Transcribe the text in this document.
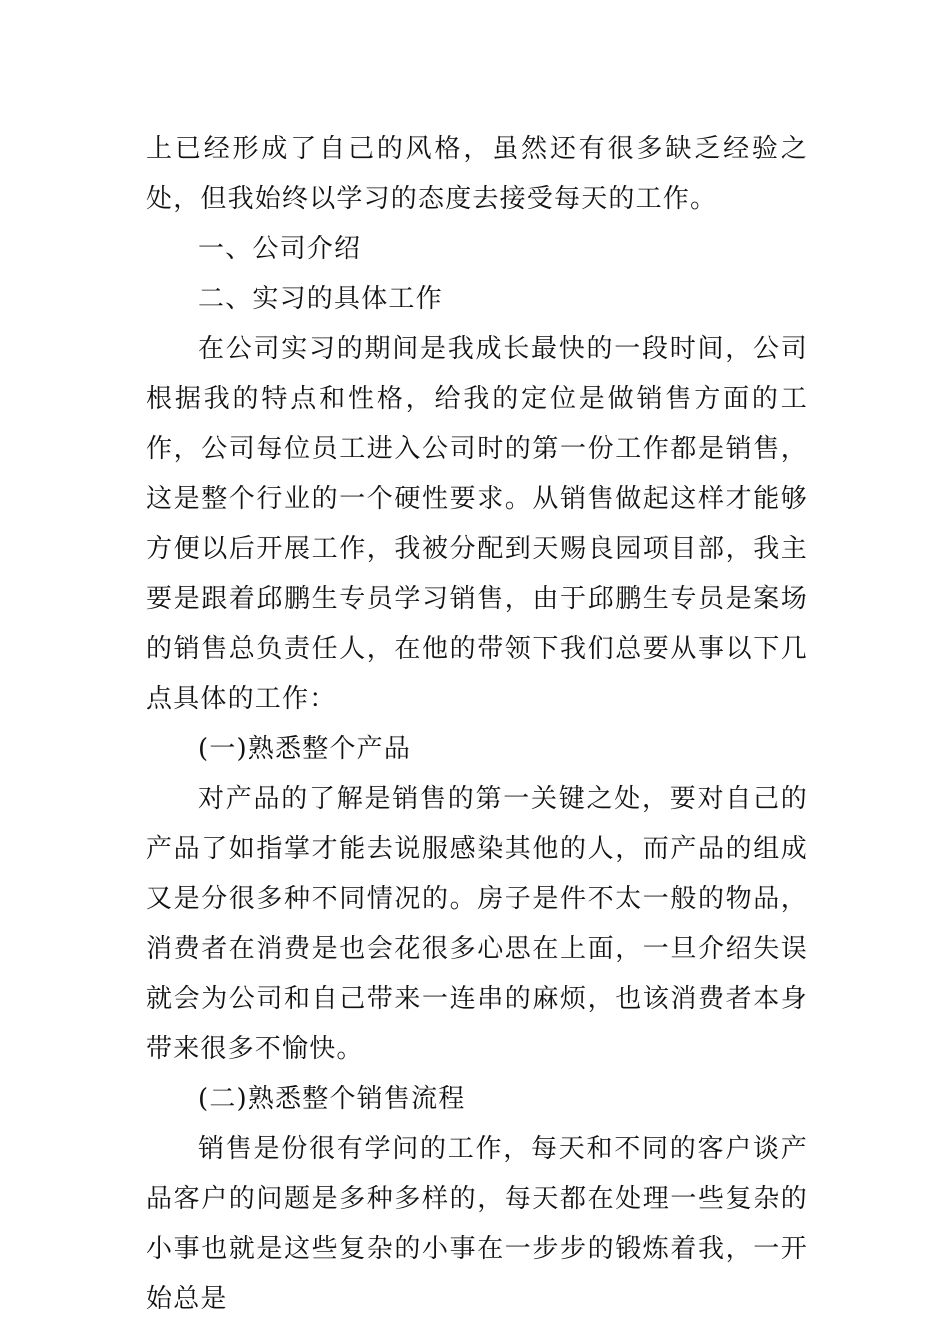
上已经形成了自己的风格，虽然还有很多缺乏经验之处，但我始终以学习的态度去接受每天的工作。

一、公司介绍

二、实习的具体工作

在公司实习的期间是我成长最快的一段时间，公司根据我的特点和性格，给我的定位是做销售方面的工作，公司每位员工进入公司时的第一份工作都是销售，这是整个行业的一个硬性要求。从销售做起这样才能够方便以后开展工作，我被分配到天赐良园项目部，我主要是跟着邱鹏生专员学习销售，由于邱鹏生专员是案场的销售总负责任人，在他的带领下我们总要从事以下几点具体的工作：

(一)熟悉整个产品

对产品的了解是销售的第一关键之处，要对自己的产品了如指掌才能去说服感染其他的人，而产品的组成又是分很多种不同情况的。房子是件不太一般的物品，消费者在消费是也会花很多心思在上面，一旦介绍失误就会为公司和自己带来一连串的麻烦，也该消费者本身带来很多不愉快。

(二)熟悉整个销售流程

销售是份很有学问的工作，每天和不同的客户谈产品客户的问题是多种多样的，每天都在处理一些复杂的小事也就是这些复杂的小事在一步步的锻炼着我，一开始总是
